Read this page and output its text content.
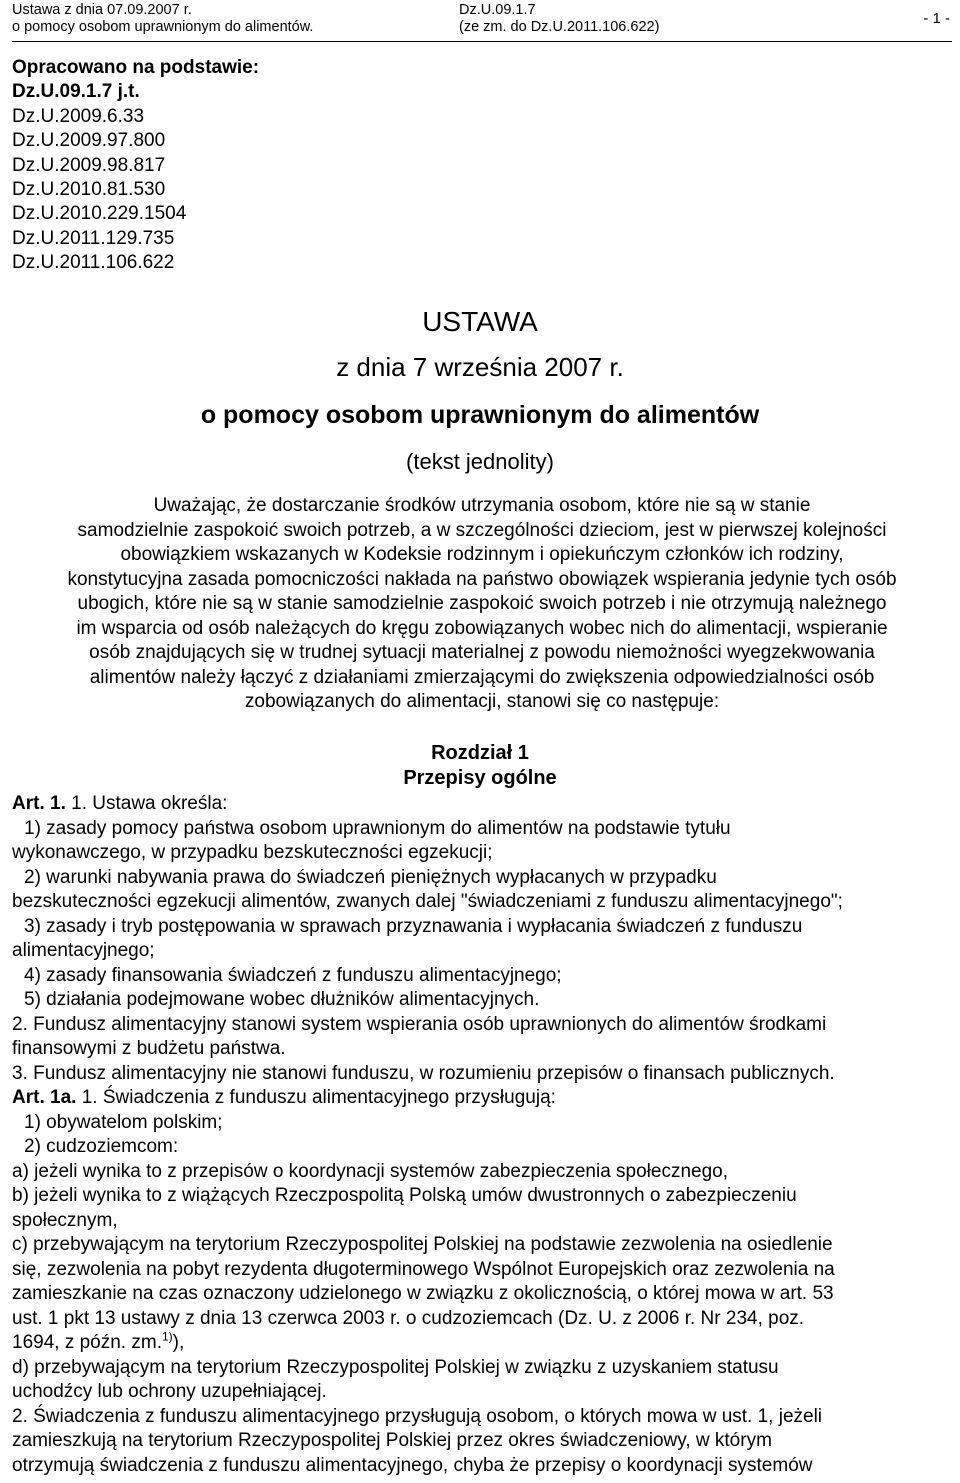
Ustawa z dnia 07.09.2007 r.
o pomocy osobom uprawnionym do alimentów.
Dz.U.09.1.7
(ze zm. do Dz.U.2011.106.622)	- 1 -
Opracowano na podstawie:
Dz.U.09.1.7 j.t.
Dz.U.2009.6.33
Dz.U.2009.97.800
Dz.U.2009.98.817
Dz.U.2010.81.530
Dz.U.2010.229.1504
Dz.U.2011.129.735
Dz.U.2011.106.622
USTAWA
z dnia 7 września 2007 r.
o pomocy osobom uprawnionym do alimentów
(tekst jednolity)
Uważając, że dostarczanie środków utrzymania osobom, które nie są w stanie
samodzielnie zaspokoić swoich potrzeb, a w szczególności dzieciom, jest w pierwszej kolejności
obowiązkiem wskazanych w Kodeksie rodzinnym i opiekuńczym członków ich rodziny,
konstytucyjna zasada pomocniczości nakłada na państwo obowiązek wspierania jedynie tych osób
ubogich, które nie są w stanie samodzielnie zaspokoić swoich potrzeb i nie otrzymują należnego
im wsparcia od osób należących do kręgu zobowiązanych wobec nich do alimentacji, wspieranie
osób znajdujących się w trudnej sytuacji materialnej z powodu niemożności wyegzekwowania
alimentów należy łączyć z działaniami zmierzającymi do zwiększenia odpowiedzialności osób
zobowiązanych do alimentacji, stanowi się co następuje:
Rozdział 1
Przepisy ogólne
Art. 1. 1. Ustawa określa:
1) zasady pomocy państwa osobom uprawnionym do alimentów na podstawie tytułu
wykonawczego, w przypadku bezskuteczności egzekucji;
2) warunki nabywania prawa do świadczeń pieniężnych wypłacanych w przypadku
bezskuteczności egzekucji alimentów, zwanych dalej "świadczeniami z funduszu alimentacyjnego";
3) zasady i tryb postępowania w sprawach przyznawania i wypłacania świadczeń z funduszu
alimentacyjnego;
4) zasady finansowania świadczeń z funduszu alimentacyjnego;
5) działania podejmowane wobec dłużników alimentacyjnych.
2. Fundusz alimentacyjny stanowi system wspierania osób uprawnionych do alimentów środkami
finansowymi z budżetu państwa.
3. Fundusz alimentacyjny nie stanowi funduszu, w rozumieniu przepisów o finansach publicznych.
Art. 1a. 1. Świadczenia z funduszu alimentacyjnego przysługują:
1) obywatelom polskim;
2) cudzoziemcom:
a) jeżeli wynika to z przepisów o koordynacji systemów zabezpieczenia społecznego,
b) jeżeli wynika to z wiążących Rzeczpospolitą Polską umów dwustronnych o zabezpieczeniu
społecznym,
c) przebywającym na terytorium Rzeczypospolitej Polskiej na podstawie zezwolenia na osiedlenie
się, zezwolenia na pobyt rezydenta długoterminowego Wspólnot Europejskich oraz zezwolenia na
zamieszkanie na czas oznaczony udzielonego w związku z okolicznością, o której mowa w art. 53
ust. 1 pkt 13 ustawy z dnia 13 czerwca 2003 r. o cudzoziemcach (Dz. U. z 2006 r. Nr 234, poz.
1694, z późn. zm.$^{1)}$),
d) przebywającym na terytorium Rzeczypospolitej Polskiej w związku z uzyskaniem statusu
uchodźcy lub ochrony uzupełniającej.
2. Świadczenia z funduszu alimentacyjnego przysługują osobom, o których mowa w ust. 1, jeżeli
zamieszkują na terytorium Rzeczypospolitej Polskiej przez okres świadczeniowy, w którym
otrzymują świadczenia z funduszu alimentacyjnego, chyba że przepisy o koordynacji systemów
